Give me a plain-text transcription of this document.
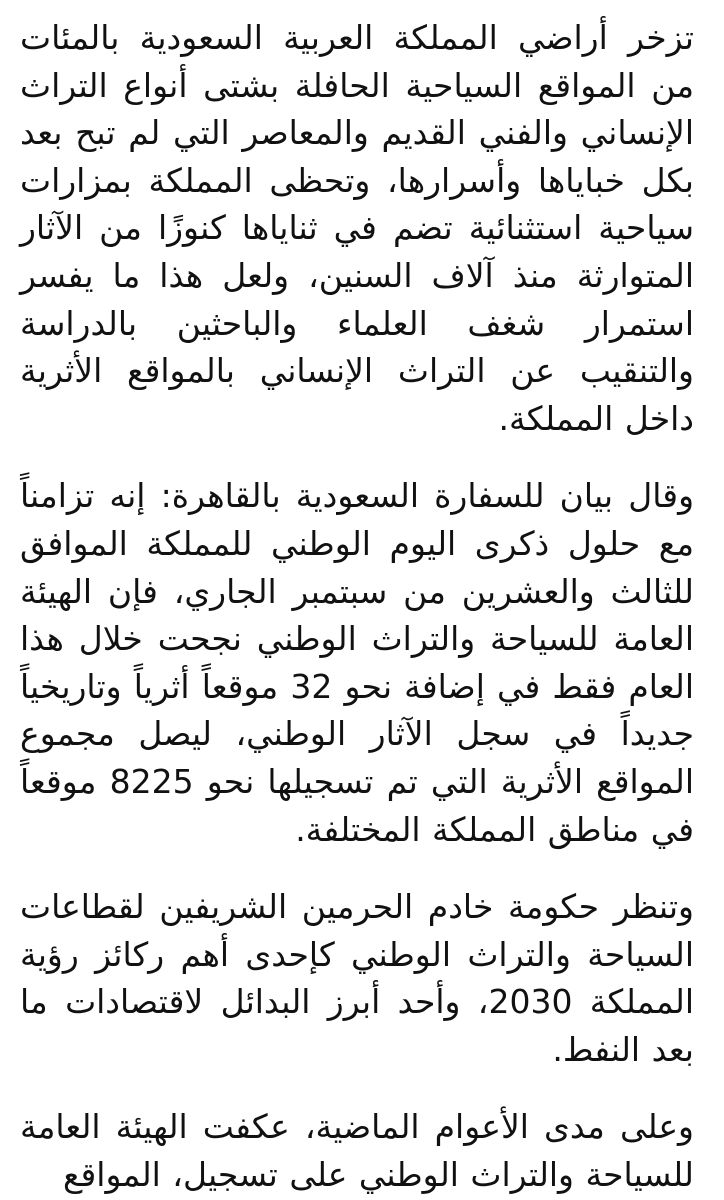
تزخر أراضي المملكة العربية السعودية بالمئات من المواقع السياحية الحافلة بشتى أنواع التراث الإنساني والفني القديم والمعاصر التي لم تبح بعد بكل خباياها وأسرارها، وتحظى المملكة بمزارات سياحية استثنائية تضم في ثناياها كنوزًا من الآثار المتوارثة منذ آلاف السنين، ولعل هذا ما يفسر استمرار شغف العلماء والباحثين بالدراسة والتنقيب عن التراث الإنساني بالمواقع الأثرية داخل المملكة.

وقال بيان للسفارة السعودية بالقاهرة: إنه تزامناً مع حلول ذكرى اليوم الوطني للمملكة الموافق للثالث والعشرين من سبتمبر الجاري، فإن الهيئة العامة للسياحة والتراث الوطني نجحت خلال هذا العام فقط في إضافة نحو 32 موقعاً أثرياً وتاريخياً جديداً في سجل الآثار الوطني، ليصل مجموع المواقع الأثرية التي تم تسجيلها نحو 8225 موقعاً في مناطق المملكة المختلفة.

وتنظر حكومة خادم الحرمين الشريفين لقطاعات السياحة والتراث الوطني كإحدى أهم ركائز رؤية المملكة 2030، وأحد أبرز البدائل لاقتصادات ما بعد النفط.

وعلى مدى الأعوام الماضية، عكفت الهيئة العامة للسياحة والتراث الوطني على تسجيل، المواقع
